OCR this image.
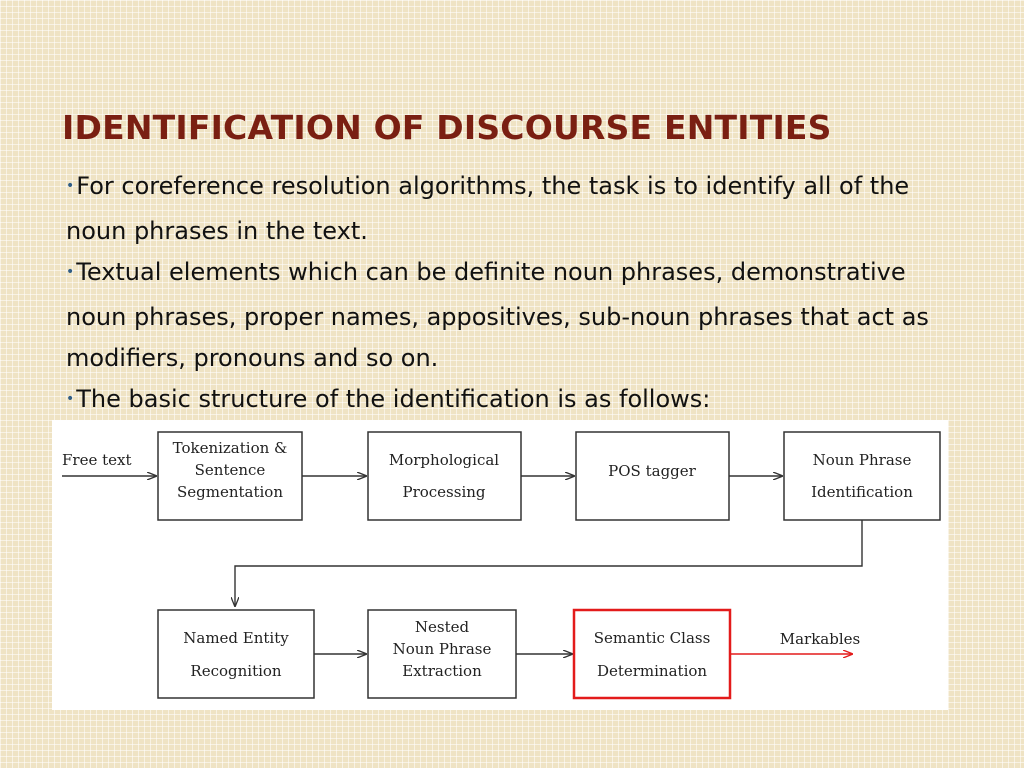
IDENTIFICATION OF DISCOURSE ENTITIES

•For coreference resolution algorithms, the task is to identify all of the noun phrases in the text.

•Textual elements which can be definite noun phrases, demonstrative noun phrases, proper names, appositives, sub-noun phrases that act as modifiers, pronouns and so on.

•The basic structure of the identification is as follows:

Free text
Tokenization &
Sentence
Segmentation
Morphological
Processing
POS tagger
Noun Phrase
Identification
Named Entity
Recognition
Nested
Noun Phrase
Extraction
Semantic Class
Determination
Markables
